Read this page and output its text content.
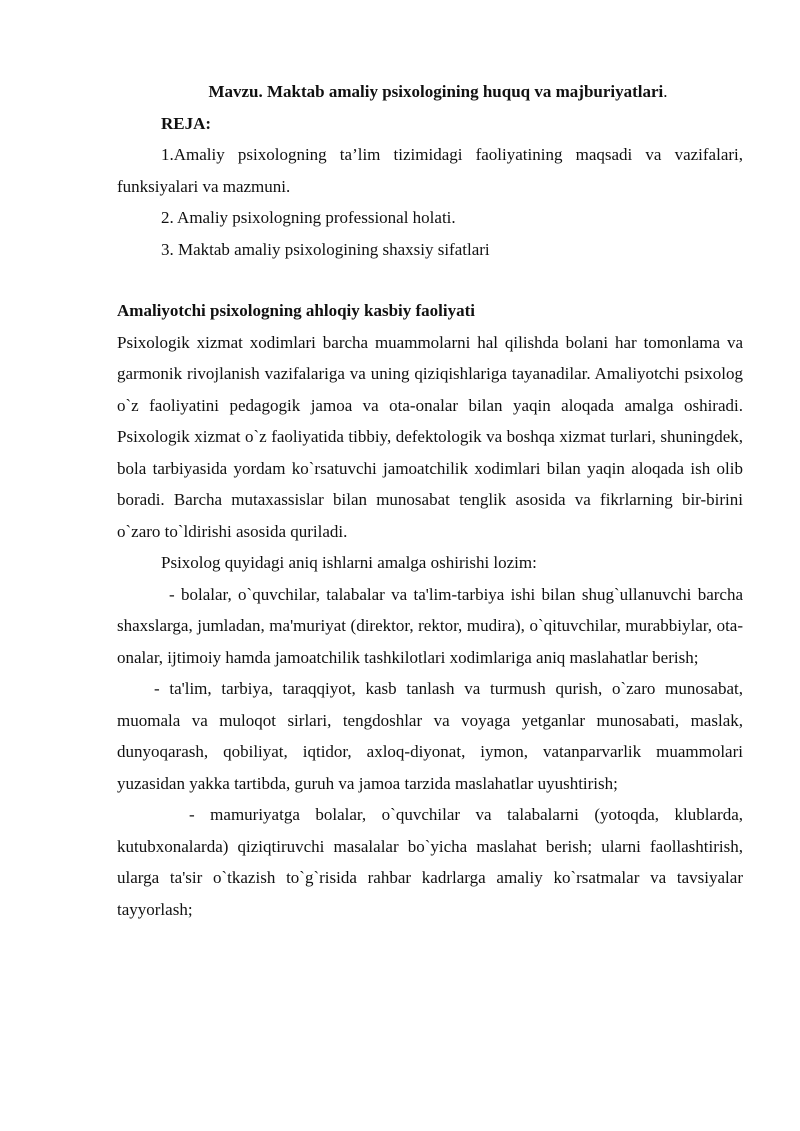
Mavzu. Maktab amaliy psixologining huquq va majburiyatlari.

REJA:

1.Amaliy psixologning ta’lim tizimidagi faoliyatining maqsadi va vazifalari, funksiyalari va mazmuni.

2. Amaliy psixologning professional holati.

3. Maktab amaliy psixologining shaxsiy sifatlari

Amaliyotchi psixologning ahloqiy kasbiy faoliyati

Psixologik xizmat xodimlari barcha muammolarni hal qilishda bolani har tomonlama va garmonik rivojlanish vazifalariga va uning qiziqishlariga tayanadilar. Amaliyotchi psixolog o`z faoliyatini pedagogik jamoa va ota-onalar bilan yaqin aloqada amalga oshiradi. Psixologik xizmat o`z faoliyatida tibbiy, defektologik va boshqa xizmat turlari, shuningdek, bola tarbiyasida yordam ko`rsatuvchi jamoatchilik xodimlari bilan yaqin aloqada ish olib boradi. Barcha mutaxassislar bilan munosabat tenglik asosida va fikrlarning bir-birini o`zaro to`ldirishi asosida quriladi.

Psixolog quyidagi aniq ishlarni amalga oshirishi lozim:

- bolalar, o`quvchilar, talabalar va ta'lim-tarbiya ishi bilan shug`ullanuvchi barcha shaxslarga, jumladan, ma'muriyat (direktor, rektor, mudira), o`qituvchilar, murabbiylar, ota-onalar, ijtimoiy hamda jamoatchilik tashkilotlari xodimlariga aniq maslahatlar berish;

- ta'lim, tarbiya, taraqqiyot, kasb tanlash va turmush qurish, o`zaro munosabat, muomala va muloqot sirlari, tengdoshlar va voyaga yetganlar munosabati, maslak, dunyoqarash, qobiliyat, iqtidor, axloq-diyonat, iymon, vatanparvarlik muammolari yuzasidan yakka tartibda, guruh va jamoa tarzida maslahatlar uyushtirish;

- mamuriyatga bolalar, o`quvchilar va talabalarni (yotoqda, klublarda, kutubxonalarda) qiziqtiruvchi masalalar bo`yicha maslahat berish; ularni faollashtirish, ularga ta'sir o`tkazish to`g`risida rahbar kadrlarga amaliy ko`rsatmalar va tavsiyalar tayyorlash;
